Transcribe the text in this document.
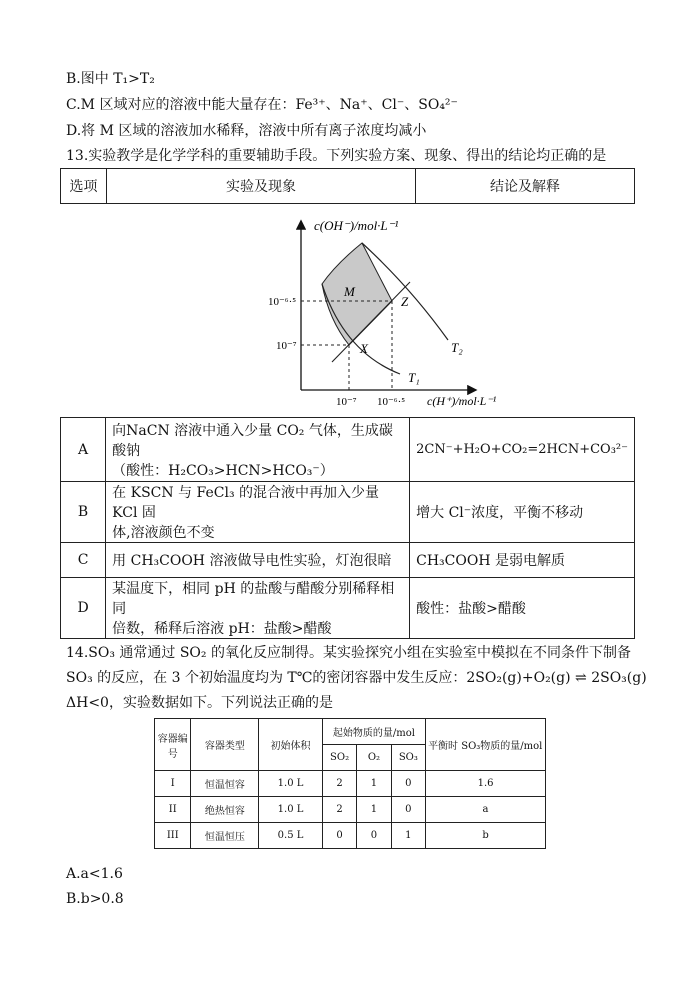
B.图中 T₁>T₂
C.M 区域对应的溶液中能大量存在：Fe³⁺、Na⁺、Cl⁻、SO₄²⁻
D.将 M 区域的溶液加水稀释，溶液中所有离子浓度均减小
13.实验教学是化学学科的重要辅助手段。下列实验方案、现象、得出的结论均正确的是
选项	实验及现象	结论及解释
c(OH⁻)/mol·L⁻¹
c(H⁺)/mol·L⁻¹
10⁻⁶·⁵
10⁻⁷
10⁻⁷ 10⁻⁶·⁵
M
Z
X	T₂
T₁
A	向NaCN 溶液中通入少量 CO₂ 气体，生成碳酸钠
（酸性：H₂CO₃>HCN>HCO₃⁻）	2CN⁻+H₂O+CO₂=2HCN+CO₃²⁻
B	在 KSCN 与 FeCl₃ 的混合液中再加入少量 KCl 固
体,溶液颜色不变	增大 Cl⁻浓度，平衡不移动
C	用 CH₃COOH 溶液做导电性实验，灯泡很暗	CH₃COOH 是弱电解质
D	某温度下，相同 pH 的盐酸与醋酸分别稀释相同
倍数，稀释后溶液 pH：盐酸>醋酸	酸性：盐酸>醋酸
14.SO₃ 通常通过 SO₂ 的氧化反应制得。某实验探究小组在实验室中模拟在不同条件下制备
SO₃ 的反应，在 3 个初始温度均为 T℃的密闭容器中发生反应：2SO₂(g)+O₂(g) ⇌ 2SO₃(g)
ΔH<0，实验数据如下。下列说法正确的是
容器编号	容器类型	初始体积	起始物质的量/mol			平衡时 SO₃物质的量/mol
			SO₂	O₂	SO₃	
I	恒温恒容	1.0 L	2	1	0	1.6
II	绝热恒容	1.0 L	2	1	0	a
III	恒温恒压	0.5 L	0	0	1	b
A.a<1.6
B.b>0.8
